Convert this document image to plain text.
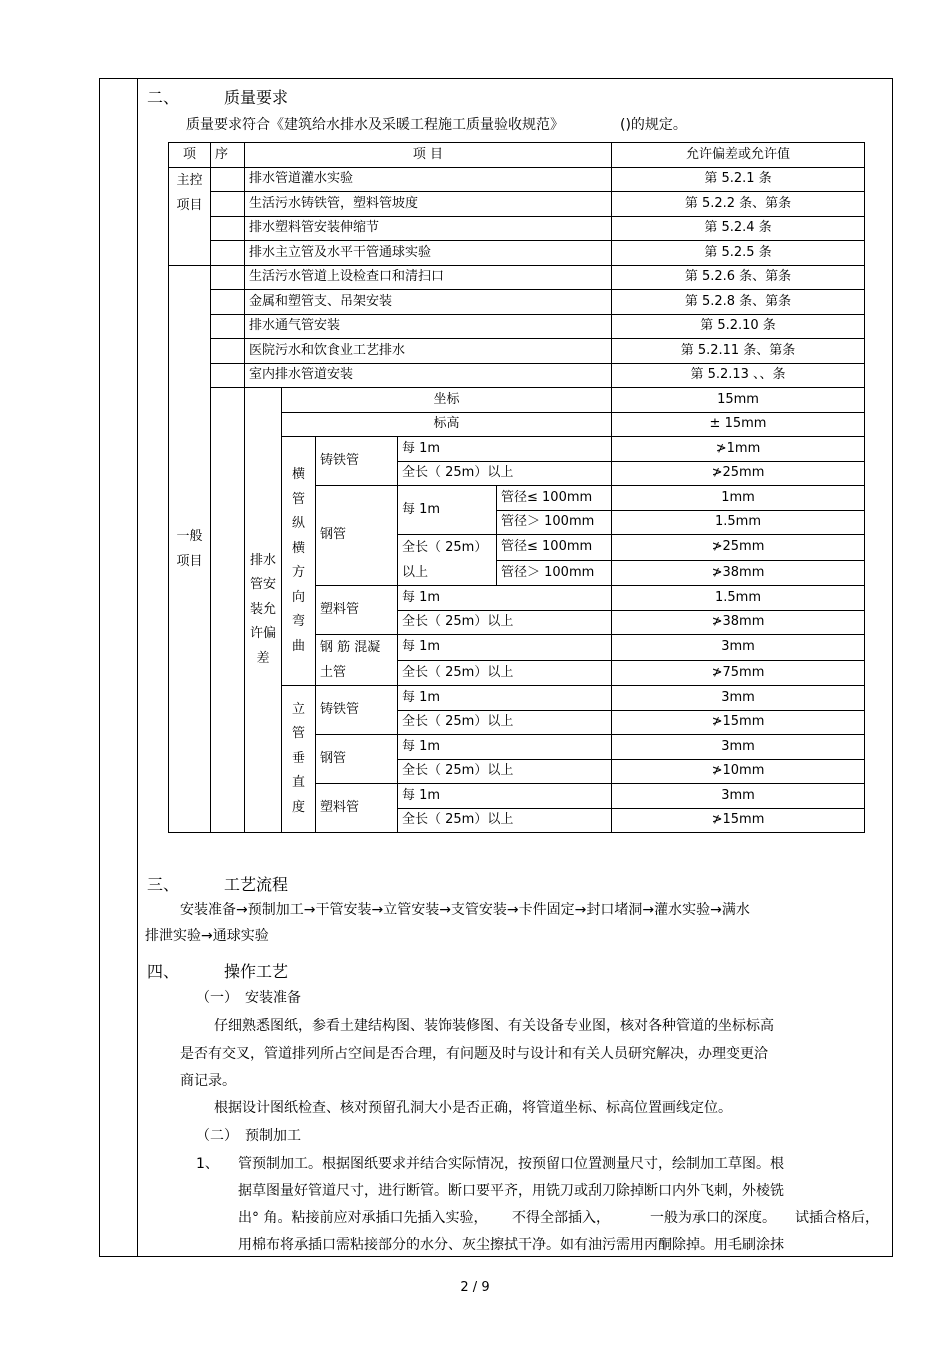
二、	质量要求
质量要求符合《建筑给水排水及采暖工程施工质量验收规范》	()的规定。
项	序	项 目					允许偏差或允许值

主控项目		排水管道灌水实验					第 5.2.1 条
		生活污水铸铁管，塑料管坡度					第 5.2.2 条、第条
		排水塑料管安装伸缩节					第 5.2.4 条
		排水主立管及水平干管通球实验					第 5.2.5 条

一般项目		生活污水管道上设检查口和清扫口					第 5.2.6 条、第条
		金属和塑管支、吊架安装					第 5.2.8 条、第条
		排水通气管安装					第 5.2.10 条
		医院污水和饮食业工艺排水					第 5.2.11 条、第条
		室内排水管道安装					第 5.2.13 、、条

		排水管安装允许偏差	坐标				15mm
			标高				± 15mm

			横管纵横方向弯曲	铸铁管	每 1m		≯1mm
					全长（ 25m）以上		≯25mm
				钢管	每 1m	管径≤ 100mm	1mm
						管径＞ 100mm	1.5mm
					全长（ 25m）
以上	管径≤ 100mm	≯25mm
						管径＞ 100mm	≯38mm
				塑料管	每 1m		1.5mm
					全长（ 25m）以上		≯38mm
				钢 筋 混凝土管	每 1m		3mm
					全长（ 25m）以上		≯75mm

			立管垂直度	铸铁管	每 1m		3mm
					全长（ 25m）以上		≯15mm
				钢管	每 1m		3mm
					全长（ 25m）以上		≯10mm
				塑料管	每 1m		3mm
					全长（ 25m）以上		≯15mm
三、	工艺流程
安装准备→预制加工→干管安装→立管安装→支管安装→卡件固定→封口堵洞→灌水实验→满水
排泄实验→通球实验
四、	操作工艺
（一） 安装准备
仔细熟悉图纸，参看土建结构图、装饰装修图、有关设备专业图，核对各种管道的坐标标高
是否有交叉，管道排列所占空间是否合理，有问题及时与设计和有关人员研究解决，办理变更洽
商记录。
根据设计图纸检查、核对预留孔洞大小是否正确，将管道坐标、标高位置画线定位。
（二） 预制加工
1、 管预制加工。根据图纸要求并结合实际情况，按预留口位置测量尺寸，绘制加工草图。根
据草图量好管道尺寸，进行断管。断口要平齐，用铣刀或刮刀除掉断口内外飞刺，外棱铣
出° 角。粘接前应对承插口先插入实验， 不得全部插入，	一般为承口的深度。 试插合格后，
用棉布将承插口需粘接部分的水分、灰尘擦拭干净。如有油污需用丙酮除掉。用毛刷涂抹
2 / 9
